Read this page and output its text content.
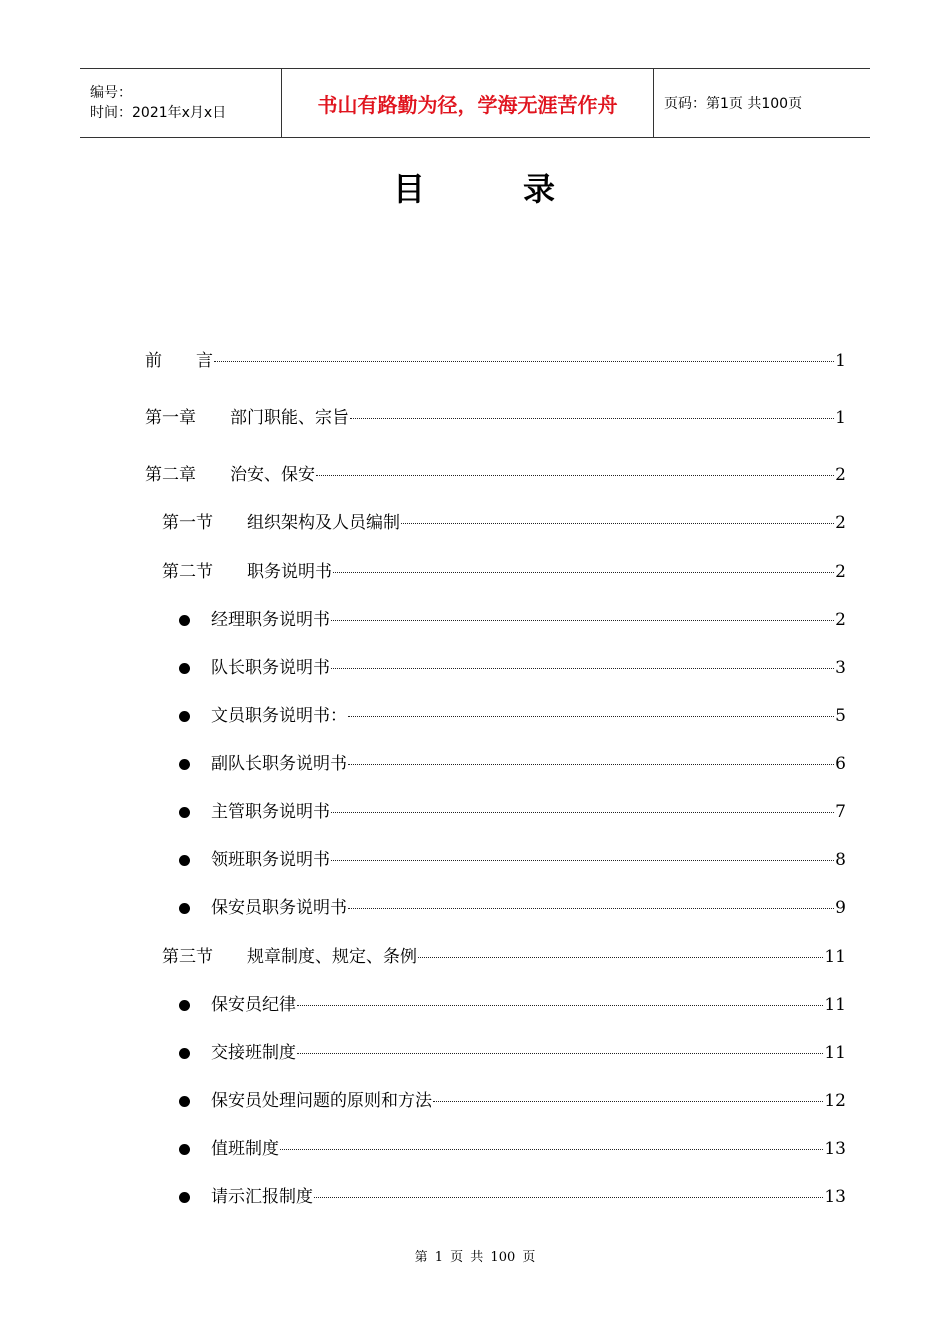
编号：
时间：2021年x月x日	书山有路勤为径，学海无涯苦作舟	页码：第1页 共100页
目	录
前　　言	1
第一章　　部门职能、宗旨	1
第二章　　治安、保安	2
第一节　　组织架构及人员编制	2
第二节　　职务说明书	2
经理职务说明书	2
队长职务说明书	3
文员职务说明书：	5
副队长职务说明书	6
主管职务说明书	7
领班职务说明书	8
保安员职务说明书	9
第三节　　规章制度、规定、条例	11
保安员纪律	11
交接班制度	11
保安员处理问题的原则和方法	12
值班制度	13
请示汇报制度	13
第 1 页 共 100 页
